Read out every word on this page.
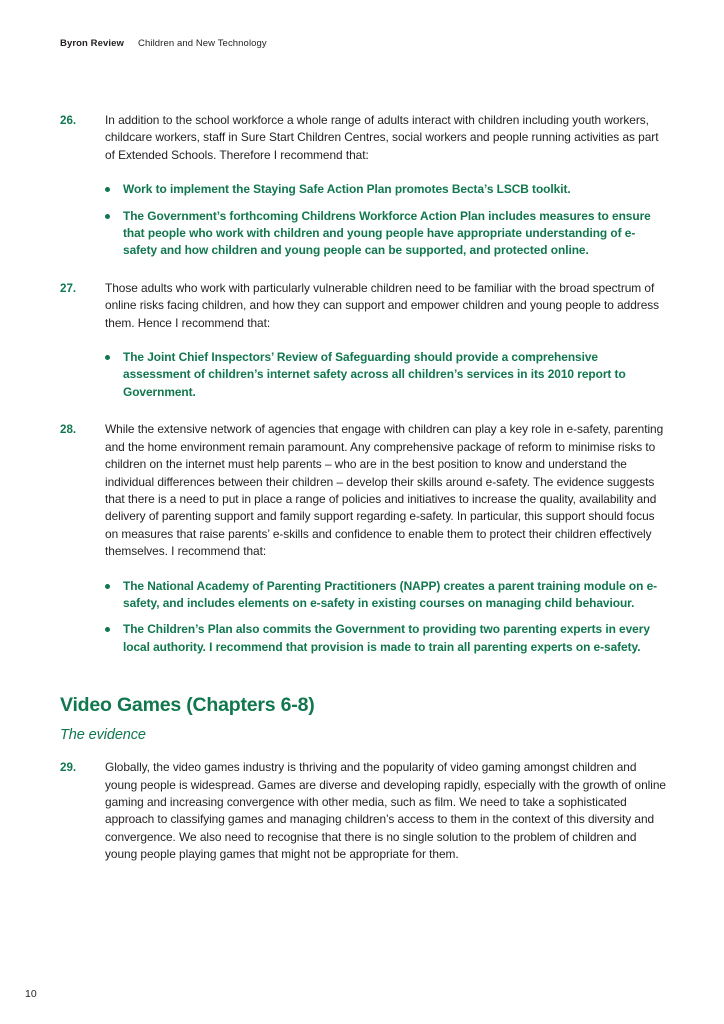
Byron Review Children and New Technology
26.	In addition to the school workforce a whole range of adults interact with children including youth workers, childcare workers, staff in Sure Start Children Centres, social workers and people running activities as part of Extended Schools. Therefore I recommend that:
Work to implement the Staying Safe Action Plan promotes Becta’s LSCB toolkit.
The Government’s forthcoming Childrens Workforce Action Plan includes measures to ensure that people who work with children and young people have appropriate understanding of e-safety and how children and young people can be supported, and protected online.
27.	Those adults who work with particularly vulnerable children need to be familiar with the broad spectrum of online risks facing children, and how they can support and empower children and young people to address them. Hence I recommend that:
The Joint Chief Inspectors’ Review of Safeguarding should provide a comprehensive assessment of children’s internet safety across all children’s services in its 2010 report to Government.
28.	While the extensive network of agencies that engage with children can play a key role in e-safety, parenting and the home environment remain paramount. Any comprehensive package of reform to minimise risks to children on the internet must help parents – who are in the best position to know and understand the individual differences between their children – develop their skills around e-safety. The evidence suggests that there is a need to put in place a range of policies and initiatives to increase the quality, availability and delivery of parenting support and family support regarding e-safety. In particular, this support should focus on measures that raise parents’ e-skills and confidence to enable them to protect their children effectively themselves. I recommend that:
The National Academy of Parenting Practitioners (NAPP) creates a parent training module on e-safety, and includes elements on e-safety in existing courses on managing child behaviour.
The Children’s Plan also commits the Government to providing two parenting experts in every local authority. I recommend that provision is made to train all parenting experts on e-safety.
Video Games (Chapters 6-8)
The evidence
29.	Globally, the video games industry is thriving and the popularity of video gaming amongst children and young people is widespread. Games are diverse and developing rapidly, especially with the growth of online gaming and increasing convergence with other media, such as film. We need to take a sophisticated approach to classifying games and managing children’s access to them in the context of this diversity and convergence. We also need to recognise that there is no single solution to the problem of children and young people playing games that might not be appropriate for them.
10
